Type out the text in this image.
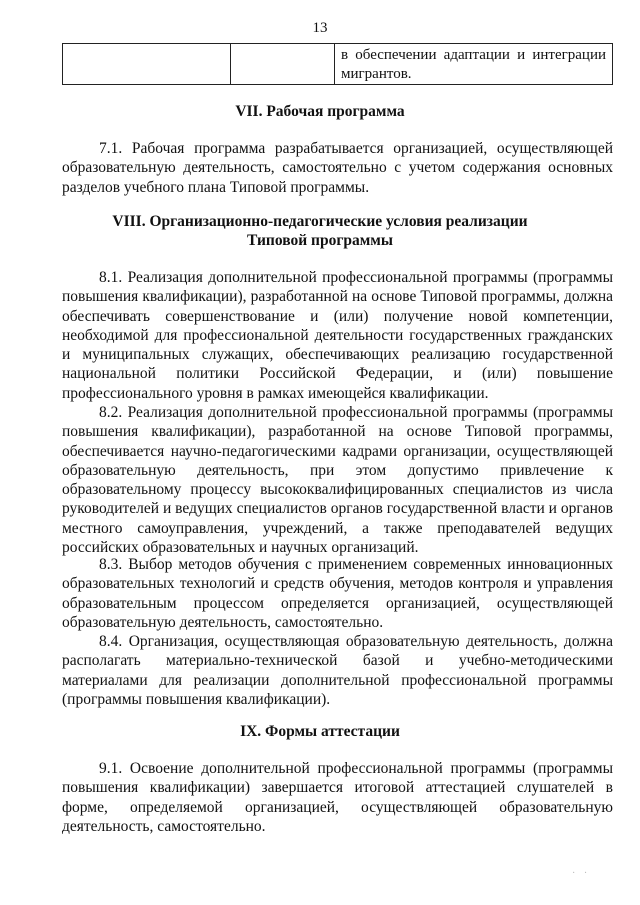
13
		в обеспечении адаптации и интеграции мигрантов.
VII. Рабочая программа
7.1. Рабочая программа разрабатывается организацией, осуществляющей образовательную деятельность, самостоятельно с учетом содержания основных разделов учебного плана Типовой программы.
VIII. Организационно-педагогические условия реализации
Типовой программы
8.1. Реализация дополнительной профессиональной программы (программы повышения квалификации), разработанной на основе Типовой программы, должна обеспечивать совершенствование и (или) получение новой компетенции, необходимой для профессиональной деятельности государственных гражданских и муниципальных служащих, обеспечивающих реализацию государственной национальной политики Российской Федерации, и (или) повышение профессионального уровня в рамках имеющейся квалификации.
8.2. Реализация дополнительной профессиональной программы (программы повышения квалификации), разработанной на основе Типовой программы, обеспечивается научно-педагогическими кадрами организации, осуществляющей образовательную деятельность, при этом допустимо привлечение к образовательному процессу высококвалифицированных специалистов из числа руководителей и ведущих специалистов органов государственной власти и органов местного самоуправления, учреждений, а также преподавателей ведущих российских образовательных и научных организаций.
8.3. Выбор методов обучения с применением современных инновационных образовательных технологий и средств обучения, методов контроля и управления образовательным процессом определяется организацией, осуществляющей образовательную деятельность, самостоятельно.
8.4. Организация, осуществляющая образовательную деятельность, должна располагать материально-технической базой и учебно-методическими материалами для реализации дополнительной профессиональной программы (программы повышения квалификации).
IX. Формы аттестации
9.1. Освоение дополнительной профессиональной программы (программы повышения квалификации) завершается итоговой аттестацией слушателей в форме, определяемой организацией, осуществляющей образовательную деятельность, самостоятельно.
· ·
